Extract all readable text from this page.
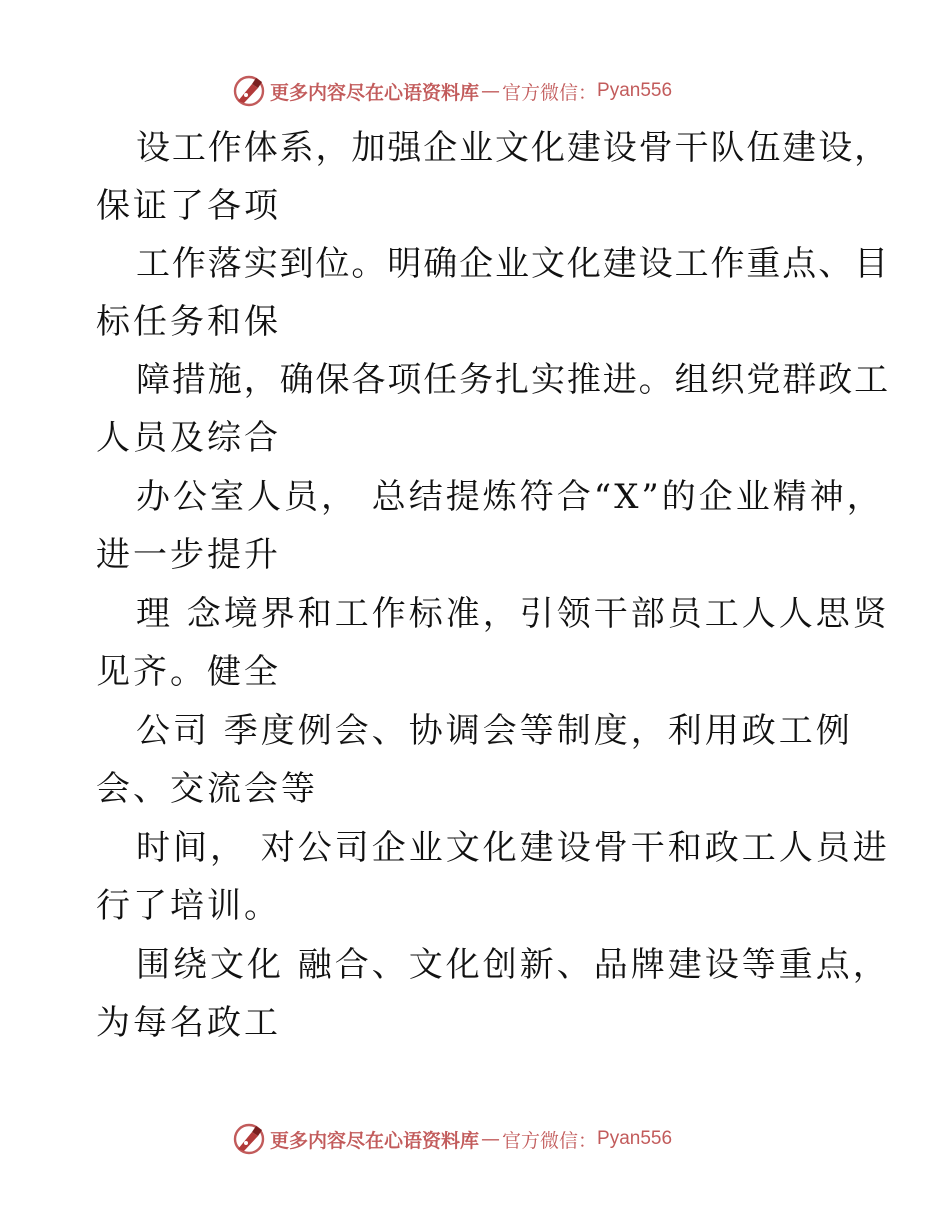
更多内容尽在心语资料库 — 官方微信： Pyan556
设工作体系，加强企业文化建设骨干队伍建设，
保证了各项
工作落实到位。明确企业文化建设工作重点、目
标任务和保
障措施，确保各项任务扎实推进。组织党群政工
人员及综合
办公室人员， 总结提炼符合“X”的企业精神，
进一步提升
理 念境界和工作标准，引领干部员工人人思贤
见齐。健全
公司 季度例会、协调会等制度，利用政工例
会、交流会等
时间， 对公司企业文化建设骨干和政工人员进
行了培训。
围绕文化 融合、文化创新、品牌建设等重点，
为每名政工
更多内容尽在心语资料库 — 官方微信： Pyan556
